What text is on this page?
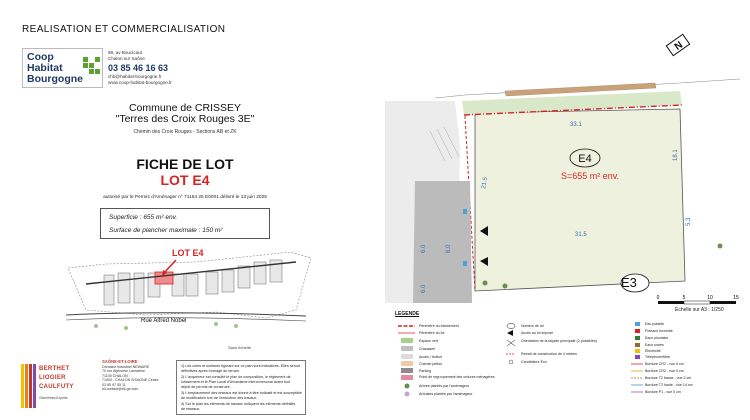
REALISATION ET COMMERCIALISATION
Coop
Habitat
Bourgogne
69, av Boucicaut
Chalon sur Saône
03 85 46 16 63
chb@habitat-bourgogne.fr
www.coop-habitat-bourgogne.fr
Commune de CRISSEY
"Terres des Croix Rouges 3E"
Chemin des Croix Rouges - Sections AB et ZK
FICHE DE LOT
LOT E4
autorisé par le Permis d'Aménager n° 71154 25 E0001 délivré le 13 juin 2025
Superficie : 655 m² env.
Surface de plancher maximale : 150 m²
LOT E4
Rue Alfred Nobel
Sans échelle
BERTHET
LIOGIER
CAULFUTY
Géomètres-Experts
SAÔNE-ET-LOIRE
Domaine industriel NEWAIRE
70 rue Alphonse Lamartine
71100 CHALON
71000 - CHALON S/SAONE Cedex
03 85 97 55 11
bll.contact@bll-ge.com
1) Les cotes et surfaces figurant sur ce plan sont indicatives. Elles seront
définitives après bornage du terrain.
2) L'acquéreur est consulté le plan de composition, le règlement de
lotissement et le Plan Local d'Urbanisme intercommunal avant tout
dépôt de permis de construire.
3) L'emplacement des réseaux est donné à titre indicatif et est susceptible
de modification lors de l'exécution des travaux.
4) Sur le plan les éléments de travaux indiquent les éléments définitifs
de réseaux.
E4
S=655 m² env.
33.1
18.1
31.5
21.5
5.3
6.0
6.0
6.0
N
E3
0	5	10	15
Échelle sur A3 : 1/250
LEGENDE
Périmètre du lotissement
Périmètre du lot
Espace vert
Chaussée
Accès / trottoir
Chemin piéton
Parking
Point de regroupement des ordures ménagères
Arbres plantés par l'aménageur
Arbustes plantés par l'aménageur
Numéro de lot
Accès au lot imposé
Orientation de la façade principale (2 possibles)
Retrait de construction de 4 mètres
Candélabre Éco
Eau potable
Poteaux Incendie
Eaux pluviales
Eaux usées
Électricité
Téléphone/fibre
Bordure CR2 - vue 6 cm
Bordure CR2 - vue 0 cm
Bordure T2 basse - vue 2 cm
Bordure T3 haute - vue 14 cm
Bordure P1 - vue 0 cm
